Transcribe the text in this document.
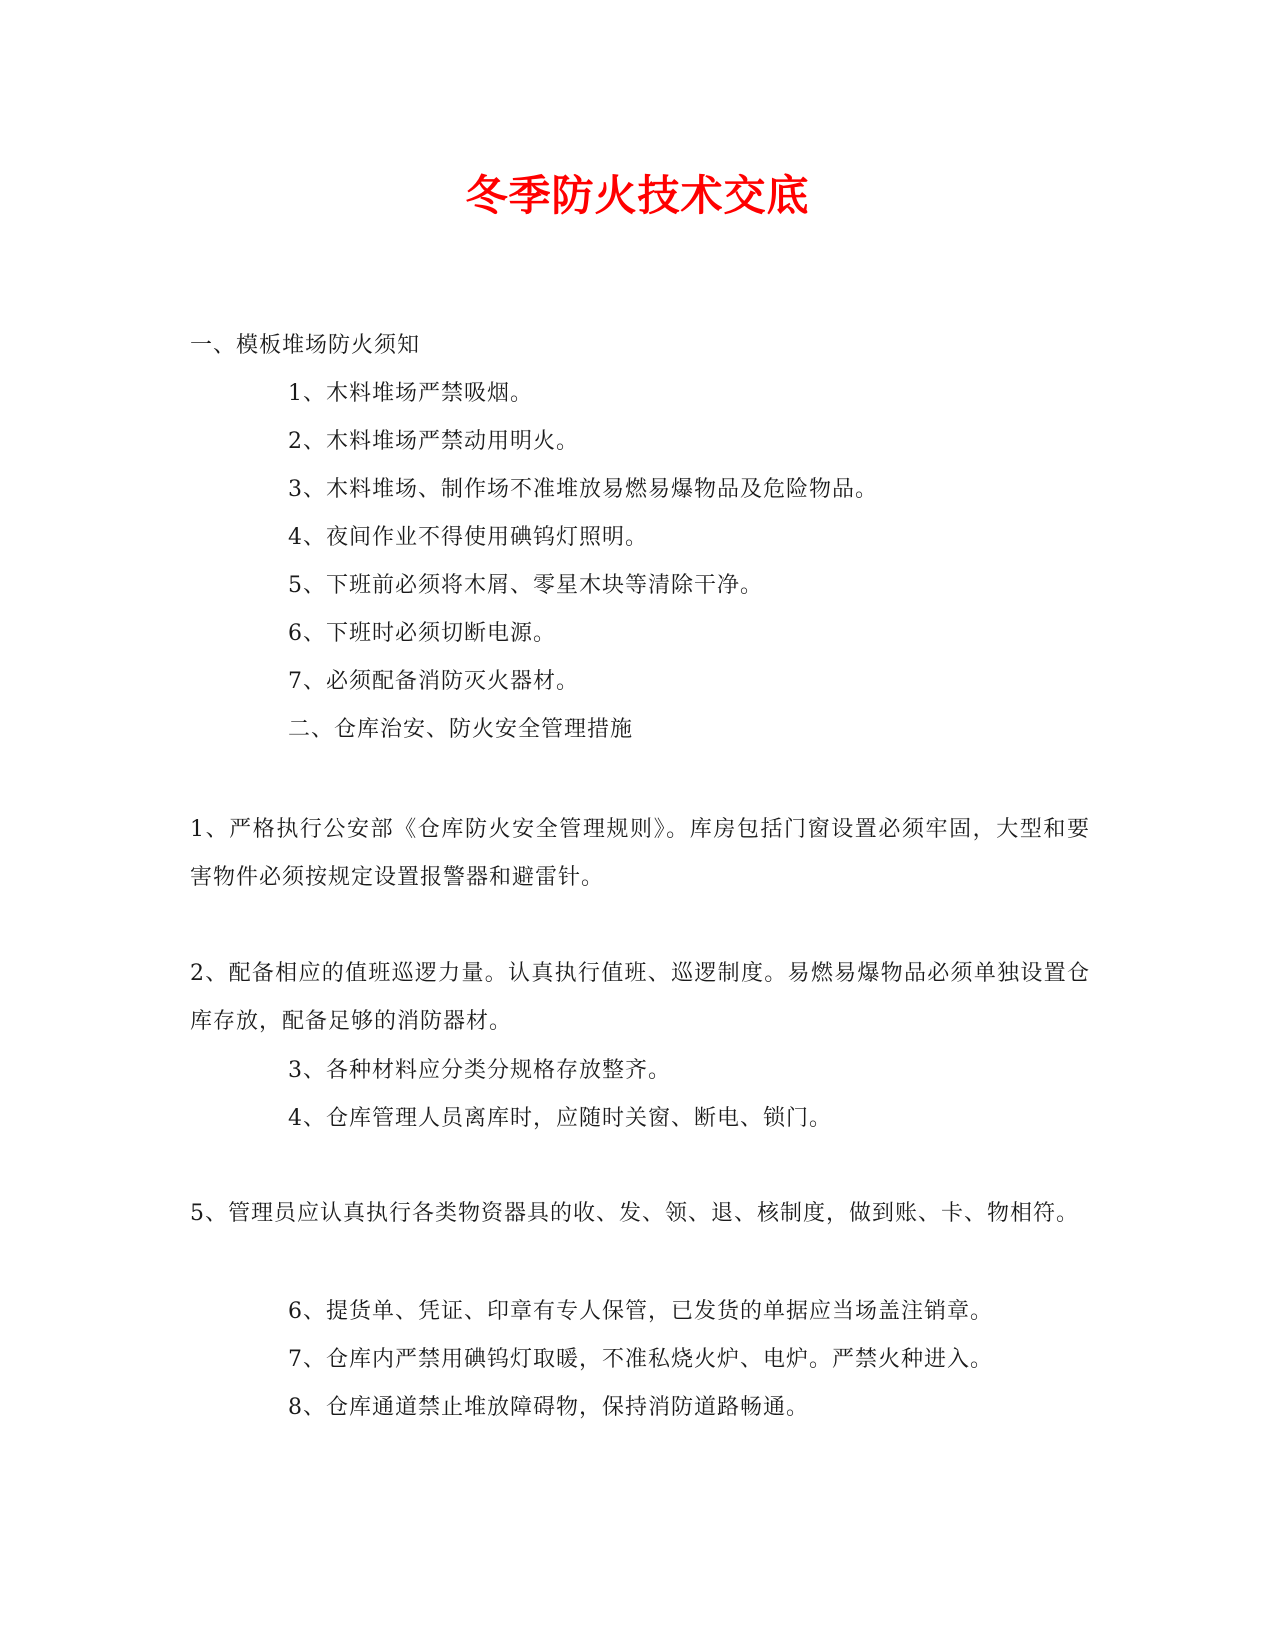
冬季防火技术交底
一、模板堆场防火须知
1、木料堆场严禁吸烟。
2、木料堆场严禁动用明火。
3、木料堆场、制作场不准堆放易燃易爆物品及危险物品。
4、夜间作业不得使用碘钨灯照明。
5、下班前必须将木屑、零星木块等清除干净。
6、下班时必须切断电源。
7、必须配备消防灭火器材。
二、仓库治安、防火安全管理措施
1、严格执行公安部《仓库防火安全管理规则》。库房包括门窗设置必须牢固，大型和要害物件必须按规定设置报警器和避雷针。
2、配备相应的值班巡逻力量。认真执行值班、巡逻制度。易燃易爆物品必须单独设置仓库存放，配备足够的消防器材。
3、各种材料应分类分规格存放整齐。
4、仓库管理人员离库时，应随时关窗、断电、锁门。
5、管理员应认真执行各类物资器具的收、发、领、退、核制度，做到账、卡、物相符。
6、提货单、凭证、印章有专人保管，已发货的单据应当场盖注销章。
7、仓库内严禁用碘钨灯取暖，不准私烧火炉、电炉。严禁火种进入。
8、仓库通道禁止堆放障碍物，保持消防道路畅通。
